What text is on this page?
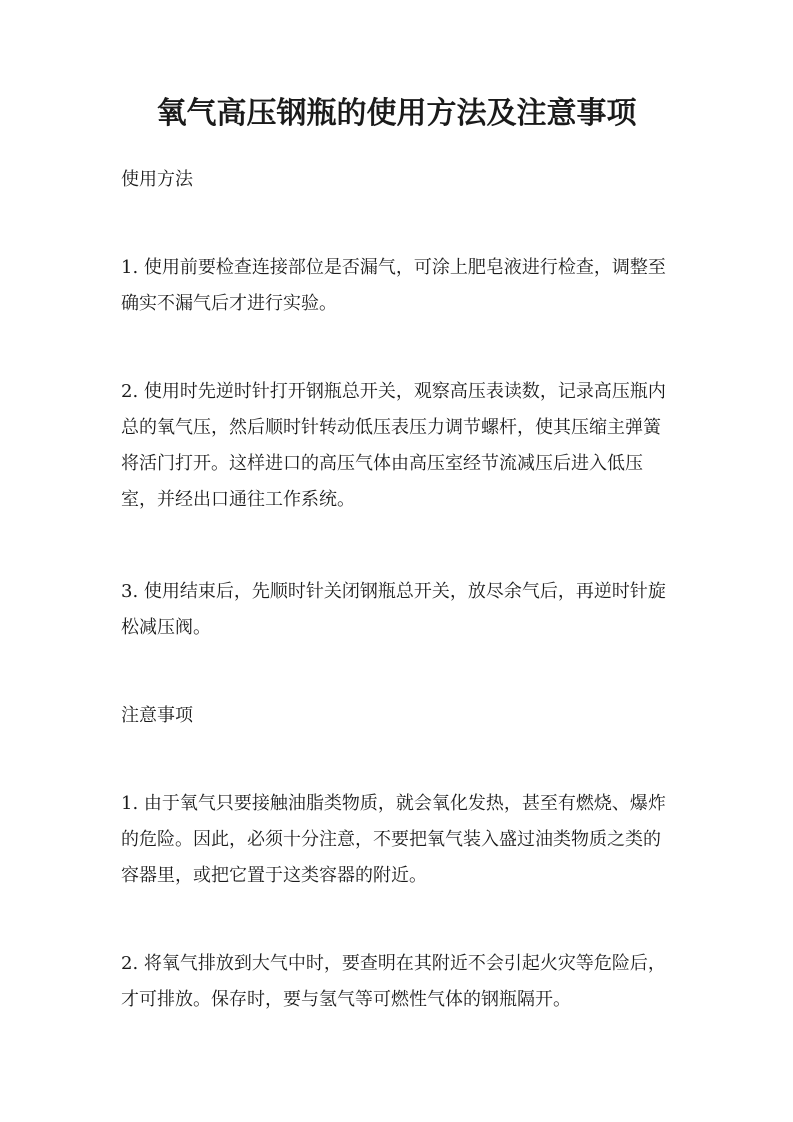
氧气高压钢瓶的使用方法及注意事项

使用方法

1. 使用前要检查连接部位是否漏气，可涂上肥皂液进行检查，调整至确实不漏气后才进行实验。

2. 使用时先逆时针打开钢瓶总开关，观察高压表读数，记录高压瓶内总的氧气压，然后顺时针转动低压表压力调节螺杆，使其压缩主弹簧将活门打开。这样进口的高压气体由高压室经节流减压后进入低压室，并经出口通往工作系统。

3. 使用结束后，先顺时针关闭钢瓶总开关，放尽余气后，再逆时针旋松减压阀。

注意事项

1. 由于氧气只要接触油脂类物质，就会氧化发热，甚至有燃烧、爆炸的危险。因此，必须十分注意，不要把氧气装入盛过油类物质之类的容器里，或把它置于这类容器的附近。

2. 将氧气排放到大气中时，要查明在其附近不会引起火灾等危险后，才可排放。保存时，要与氢气等可燃性气体的钢瓶隔开。
